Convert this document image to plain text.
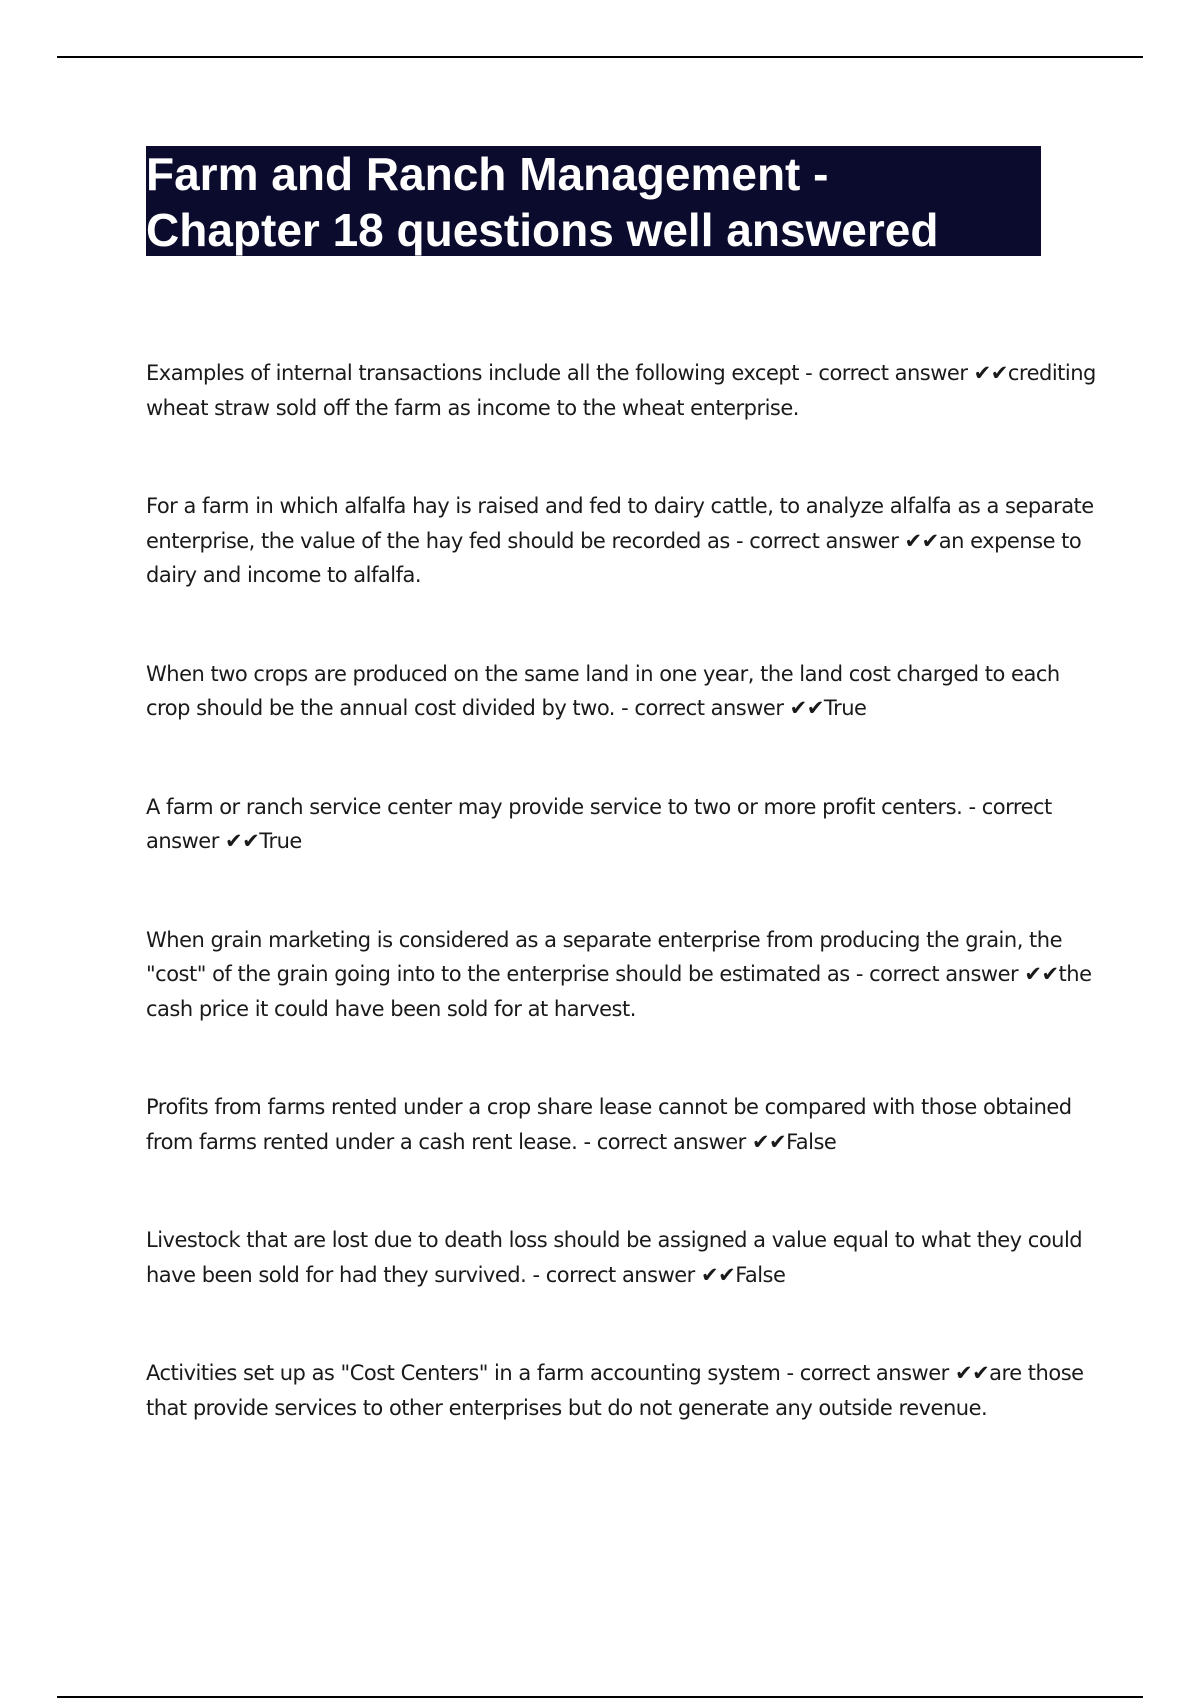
Farm and Ranch Management -
Chapter 18 questions well answered

Examples of internal transactions include all the following except - correct answer ✔✔crediting wheat straw sold off the farm as income to the wheat enterprise.

For a farm in which alfalfa hay is raised and fed to dairy cattle, to analyze alfalfa as a separate enterprise, the value of the hay fed should be recorded as - correct answer ✔✔an expense to dairy and income to alfalfa.

When two crops are produced on the same land in one year, the land cost charged to each crop should be the annual cost divided by two. - correct answer ✔✔True

A farm or ranch service center may provide service to two or more profit centers. - correct answer ✔✔True

When grain marketing is considered as a separate enterprise from producing the grain, the "cost" of the grain going into to the enterprise should be estimated as - correct answer ✔✔the cash price it could have been sold for at harvest.

Profits from farms rented under a crop share lease cannot be compared with those obtained from farms rented under a cash rent lease. - correct answer ✔✔False

Livestock that are lost due to death loss should be assigned a value equal to what they could have been sold for had they survived. - correct answer ✔✔False

Activities set up as "Cost Centers" in a farm accounting system - correct answer ✔✔are those that provide services to other enterprises but do not generate any outside revenue.
